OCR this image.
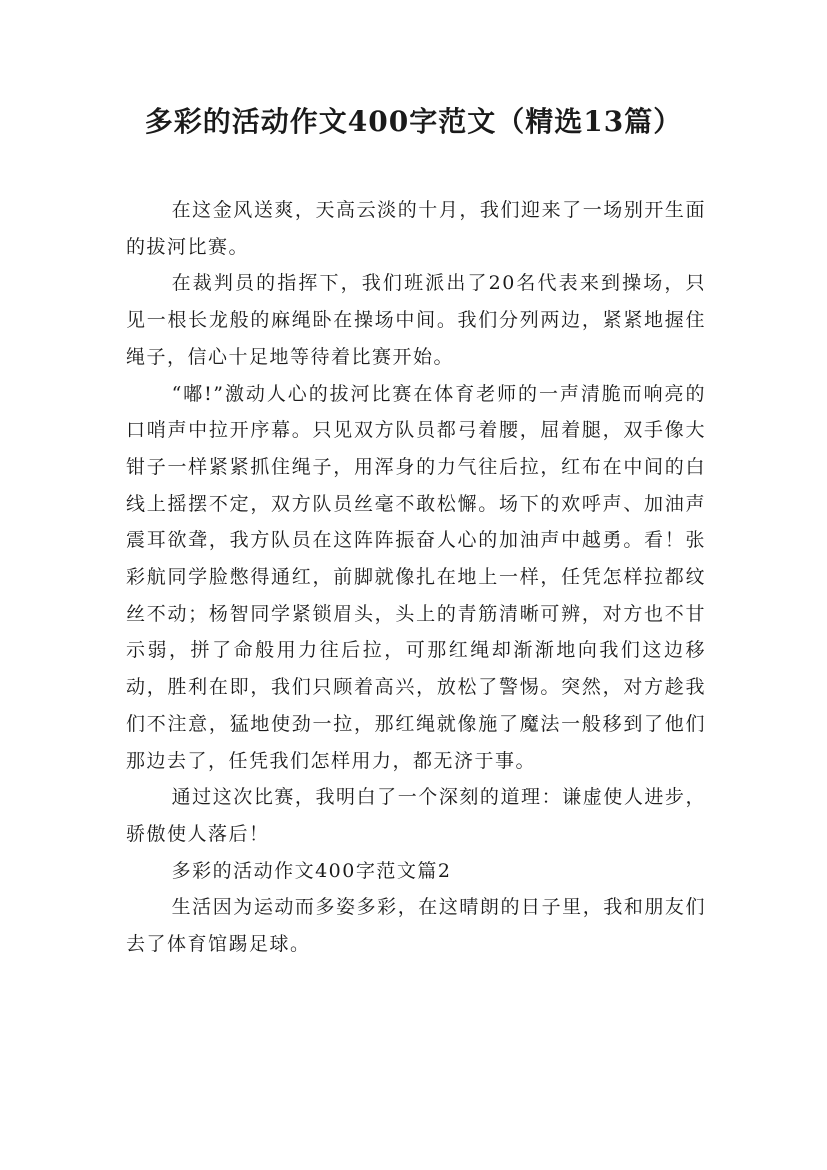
多彩的活动作文400字范文（精选13篇）

在这金风送爽，天高云淡的十月，我们迎来了一场别开生面的拔河比赛。

在裁判员的指挥下，我们班派出了20名代表来到操场，只见一根长龙般的麻绳卧在操场中间。我们分列两边，紧紧地握住绳子，信心十足地等待着比赛开始。

“嘟!”激动人心的拔河比赛在体育老师的一声清脆而响亮的口哨声中拉开序幕。只见双方队员都弓着腰，屈着腿，双手像大钳子一样紧紧抓住绳子，用浑身的力气往后拉，红布在中间的白线上摇摆不定，双方队员丝毫不敢松懈。场下的欢呼声、加油声震耳欲聋，我方队员在这阵阵振奋人心的加油声中越勇。看！张彩航同学脸憋得通红，前脚就像扎在地上一样，任凭怎样拉都纹丝不动；杨智同学紧锁眉头，头上的青筋清晰可辨，对方也不甘示弱，拼了命般用力往后拉，可那红绳却渐渐地向我们这边移动，胜利在即，我们只顾着高兴，放松了警惕。突然，对方趁我们不注意，猛地使劲一拉，那红绳就像施了魔法一般移到了他们那边去了，任凭我们怎样用力，都无济于事。

通过这次比赛，我明白了一个深刻的道理：谦虚使人进步，骄傲使人落后！

多彩的活动作文400字范文篇2

生活因为运动而多姿多彩，在这晴朗的日子里，我和朋友们去了体育馆踢足球。
